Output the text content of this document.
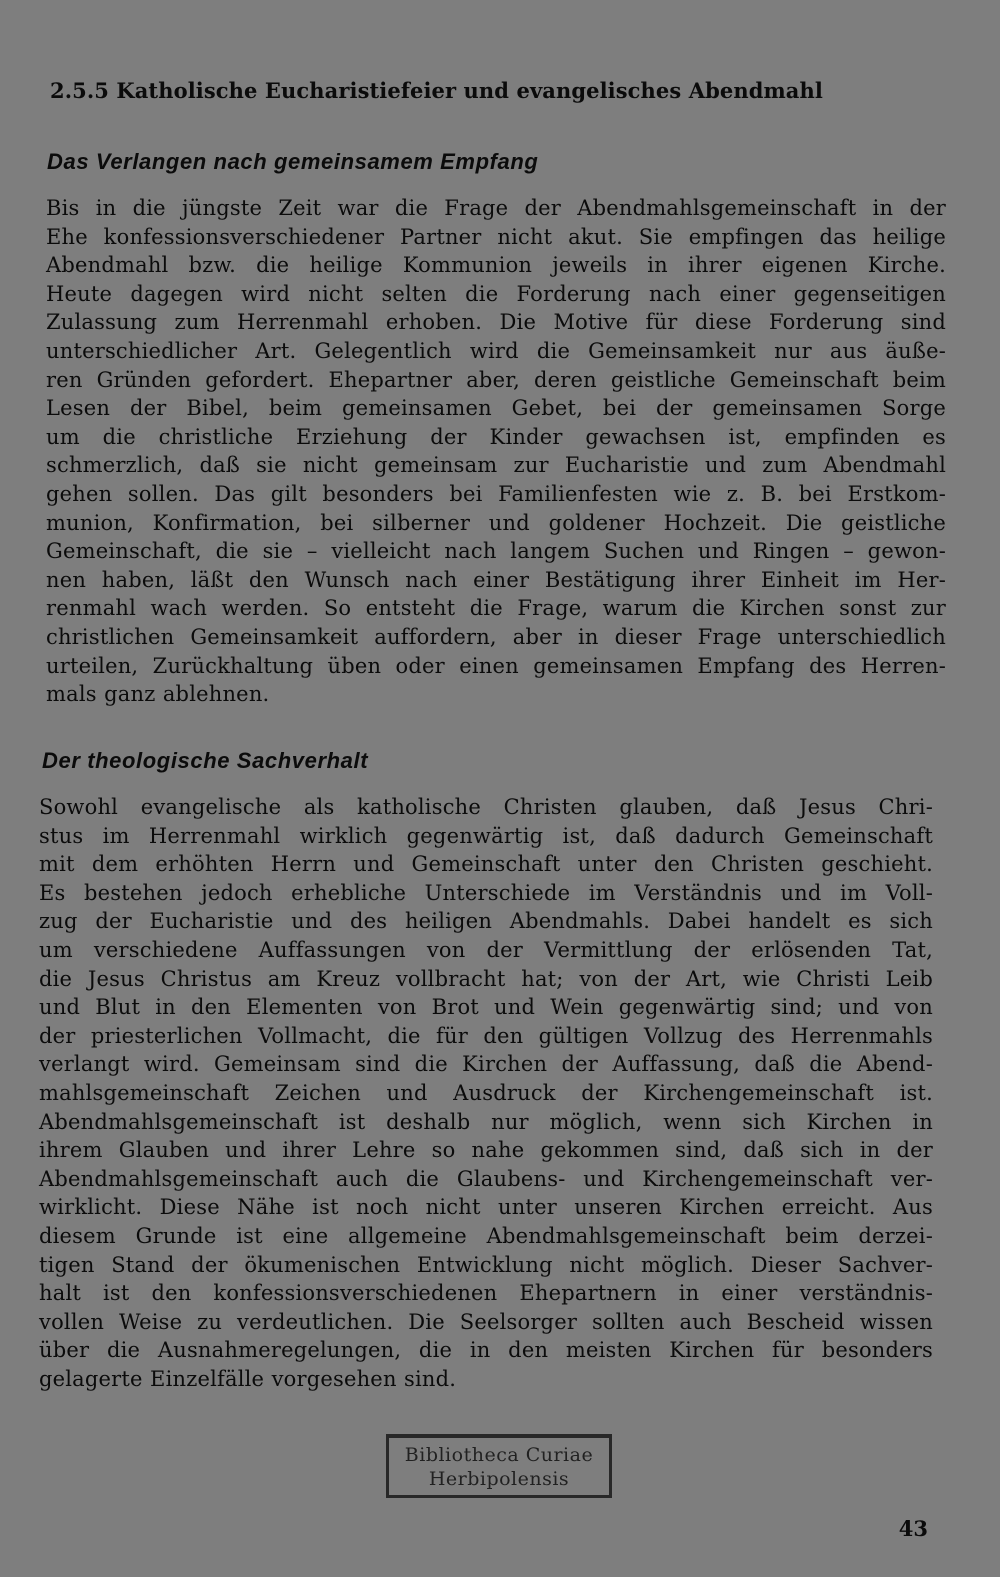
2.5.5 Katholische Eucharistiefeier und evangelisches Abendmahl
Das Verlangen nach gemeinsamem Empfang

Bis in die jüngste Zeit war die Frage der Abendmahlsgemeinschaft in der
Ehe konfessionsverschiedener Partner nicht akut. Sie empfingen das heilige
Abendmahl bzw. die heilige Kommunion jeweils in ihrer eigenen Kirche.
Heute dagegen wird nicht selten die Forderung nach einer gegenseitigen
Zulassung zum Herrenmahl erhoben. Die Motive für diese Forderung sind
unterschiedlicher Art. Gelegentlich wird die Gemeinsamkeit nur aus äuße-
ren Gründen gefordert. Ehepartner aber, deren geistliche Gemeinschaft beim
Lesen der Bibel, beim gemeinsamen Gebet, bei der gemeinsamen Sorge
um die christliche Erziehung der Kinder gewachsen ist, empfinden es
schmerzlich, daß sie nicht gemeinsam zur Eucharistie und zum Abendmahl
gehen sollen. Das gilt besonders bei Familienfesten wie z. B. bei Erstkom-
munion, Konfirmation, bei silberner und goldener Hochzeit. Die geistliche
Gemeinschaft, die sie – vielleicht nach langem Suchen und Ringen – gewon-
nen haben, läßt den Wunsch nach einer Bestätigung ihrer Einheit im Her-
renmahl wach werden. So entsteht die Frage, warum die Kirchen sonst zur
christlichen Gemeinsamkeit auffordern, aber in dieser Frage unterschiedlich
urteilen, Zurückhaltung üben oder einen gemeinsamen Empfang des Herren-
mals ganz ablehnen.

Der theologische Sachverhalt

Sowohl evangelische als katholische Christen glauben, daß Jesus Chri-
stus im Herrenmahl wirklich gegenwärtig ist, daß dadurch Gemeinschaft
mit dem erhöhten Herrn und Gemeinschaft unter den Christen geschieht.
Es bestehen jedoch erhebliche Unterschiede im Verständnis und im Voll-
zug der Eucharistie und des heiligen Abendmahls. Dabei handelt es sich
um verschiedene Auffassungen von der Vermittlung der erlösenden Tat,
die Jesus Christus am Kreuz vollbracht hat; von der Art, wie Christi Leib
und Blut in den Elementen von Brot und Wein gegenwärtig sind; und von
der priesterlichen Vollmacht, die für den gültigen Vollzug des Herrenmahls
verlangt wird. Gemeinsam sind die Kirchen der Auffassung, daß die Abend-
mahlsgemeinschaft Zeichen und Ausdruck der Kirchengemeinschaft ist.
Abendmahlsgemeinschaft ist deshalb nur möglich, wenn sich Kirchen in
ihrem Glauben und ihrer Lehre so nahe gekommen sind, daß sich in der
Abendmahlsgemeinschaft auch die Glaubens- und Kirchengemeinschaft ver-
wirklicht. Diese Nähe ist noch nicht unter unseren Kirchen erreicht. Aus
diesem Grunde ist eine allgemeine Abendmahlsgemeinschaft beim derzei-
tigen Stand der ökumenischen Entwicklung nicht möglich. Dieser Sachver-
halt ist den konfessionsverschiedenen Ehepartnern in einer verständnis-
vollen Weise zu verdeutlichen. Die Seelsorger sollten auch Bescheid wissen
über die Ausnahmeregelungen, die in den meisten Kirchen für besonders
gelagerte Einzelfälle vorgesehen sind.

Bibliotheca Curiae
Herbipolensis
43
